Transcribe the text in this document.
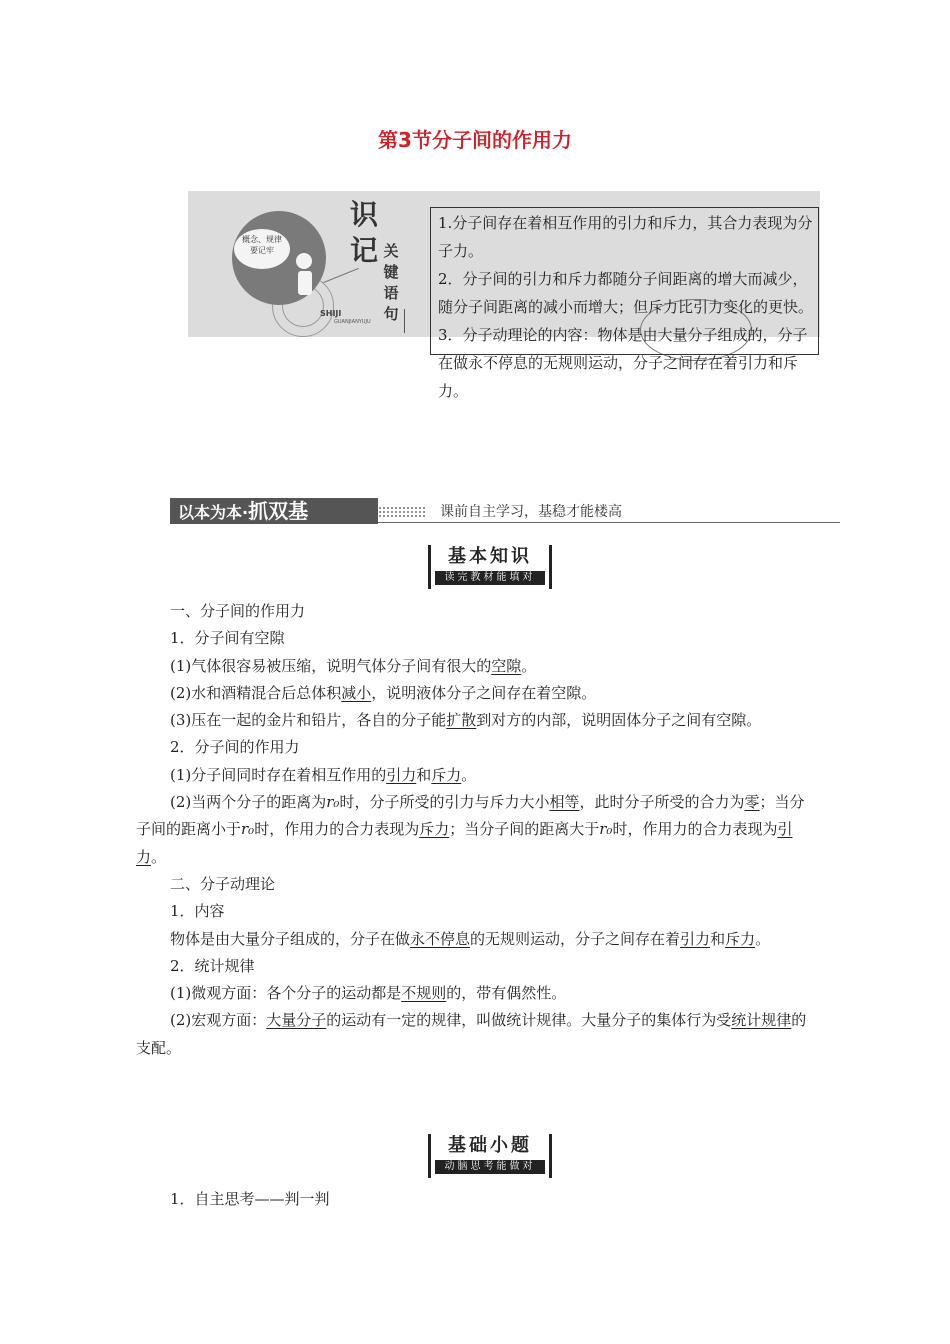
第3节分子间的作用力
概念、规律
要记牢
识记 关键语句
SHIJI
GUANJIANYUJU

1.分子间存在着相互作用的引力和斥力，其合力表现为分子力。

2．分子间的引力和斥力都随分子间距离的增大而减少，随分子间距离的减小而增大；但斥力比引力变化的更快。

3．分子动理论的内容：物体是由大量分子组成的，分子在做永不停息的无规则运动，分子之间存在着引力和斥力。

以本为本·抓双基	课前自主学习，基稳才能楼高
基本知识
读完教材能填对

一、分子间的作用力

1．分子间有空隙

(1)气体很容易被压缩，说明气体分子间有很大的空隙。

(2)水和酒精混合后总体积减小，说明液体分子之间存在着空隙。

(3)压在一起的金片和铅片，各自的分子能扩散到对方的内部，说明固体分子之间有空隙。

2．分子间的作用力

(1)分子间同时存在着相互作用的引力和斥力。

(2)当两个分子的距离为r₀时，分子所受的引力与斥力大小相等，此时分子所受的合力为零；当分子间的距离小于r₀时，作用力的合力表现为斥力；当分子间的距离大于r₀时，作用力的合力表现为引力。

二、分子动理论

1．内容

物体是由大量分子组成的，分子在做永不停息的无规则运动，分子之间存在着引力和斥力。

2．统计规律

(1)微观方面：各个分子的运动都是不规则的，带有偶然性。

(2)宏观方面：大量分子的运动有一定的规律，叫做统计规律。大量分子的集体行为受统计规律的支配。

基础小题
动脑思考能做对

1．自主思考——判一判
